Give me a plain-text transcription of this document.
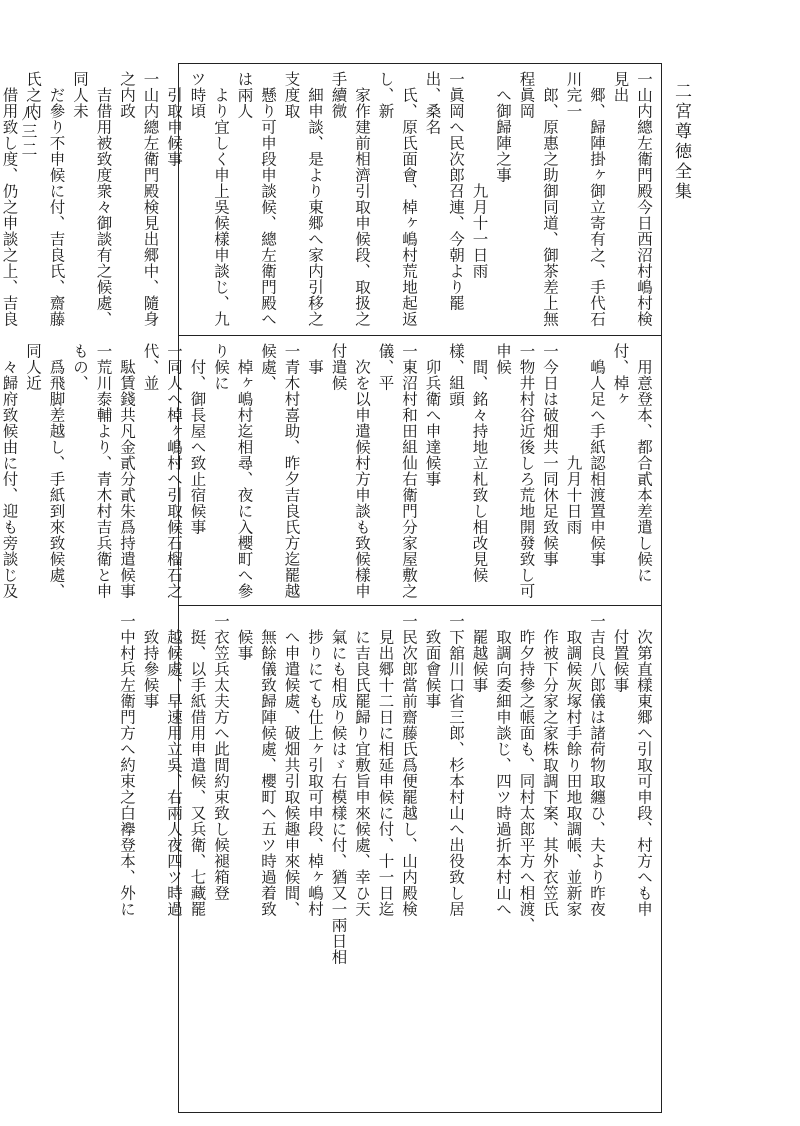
二宮尊徳全集
八三二	一山内總左衛門殿今日西沼村嶋村検見出
　郷、歸陣掛ヶ御立寄有之、手代石川完一
　郎、原惠之助御同道、御茶差上無程眞岡
　へ御歸陣之事
　　　　　　　九月十一日雨
一眞岡へ民次郎召連、今朝より罷出、桑名
　氏、原氏面會、棹ヶ嶋村荒地起返し、新
　家作建前相濟引取申候段、取扱之手續微
　細申談、是より東郷へ家内引移之支度取
　懸り可申段申談候、總左衛門殿へは兩人
　より宜しく申上吳候樣申談じ、九ツ時頃
　引取申候事
一山内總左衛門殿検見出郷中、隨身之内政
　吉借用被致度衆々御談有之候處、同人未
　だ參り不申候に付、吉良氏、齋藤氏之内
　借用致し度、仍之申談之上、吉良
　用意登本、都合貳本差遣し候に付、棹ヶ
　嶋人足へ手紙認相渡置申候事
　　　　　　　九月十日雨
一今日は破畑共一同休足致候事
一物井村谷近後しろ荒地開發致し可申候
　間、銘々持地立札致し相改見候樣、組頭
　卯兵衛へ申達候事
一東沼村和田組仙右衛門分家屋敷之儀、平
　次を以申遣候村方申談も致候樣申付遣候
　事
一青木村喜助、昨夕吉良氏方迄罷越候處、
　棹ヶ嶋村迄相尋、夜に入櫻町へ參り候に
　付、御長屋へ致止宿候事
一同人へ棹ヶ嶋村へ引取候石榴石之代、並
　駄賃錢共凡金貳分貳朱爲持遣候事
一荒川泰輔より、青木村吉兵衛と申もの、
　爲飛脚差越し、手紙到來致候處、同人近
　々歸府致候由に付、迎も旁談じ及
　次第直樣東郷へ引取可申段、村方へも申
　付置候事
一吉良八郎儀は諸荷物取纏ひ、夫より昨夜
　取調候灰塚村手餘り田地取調帳、並新家
　作被下分家之家株取調下案、其外衣笠氏
　昨夕持參之帳面も、同村太郎平方へ相渡、
　取調向委細申談じ、四ツ時過折本村山へ
　罷越候事
一下舘川口省三郎、杉本村山へ出役致し居
　致面會候事
一民次郎當前齋藤氏爲便罷越し、山内殿検
　見出郷十二日に相延申候に付、十一日迄
　に吉良氏罷歸り宜敷旨申來候處、幸ひ天
　氣にも相成り候はゞ右模樣に付、猶又一兩日相
　捗りにても仕上ヶ引取可申段、棹ヶ嶋村
　へ申遣候處、破畑共引取候趣申來候間、
　無餘儀致歸陣候處、櫻町へ五ツ時過着致
　候事
一衣笠兵太夫方へ此間約束致し候褪箱登
　挺、以手紙借用申遣候、又兵衛、七藏罷
　越候處、早速用立吳、右兩人夜四ツ時過
　致持參候事
一中村兵左衛門方へ約束之白襷登本、外に
